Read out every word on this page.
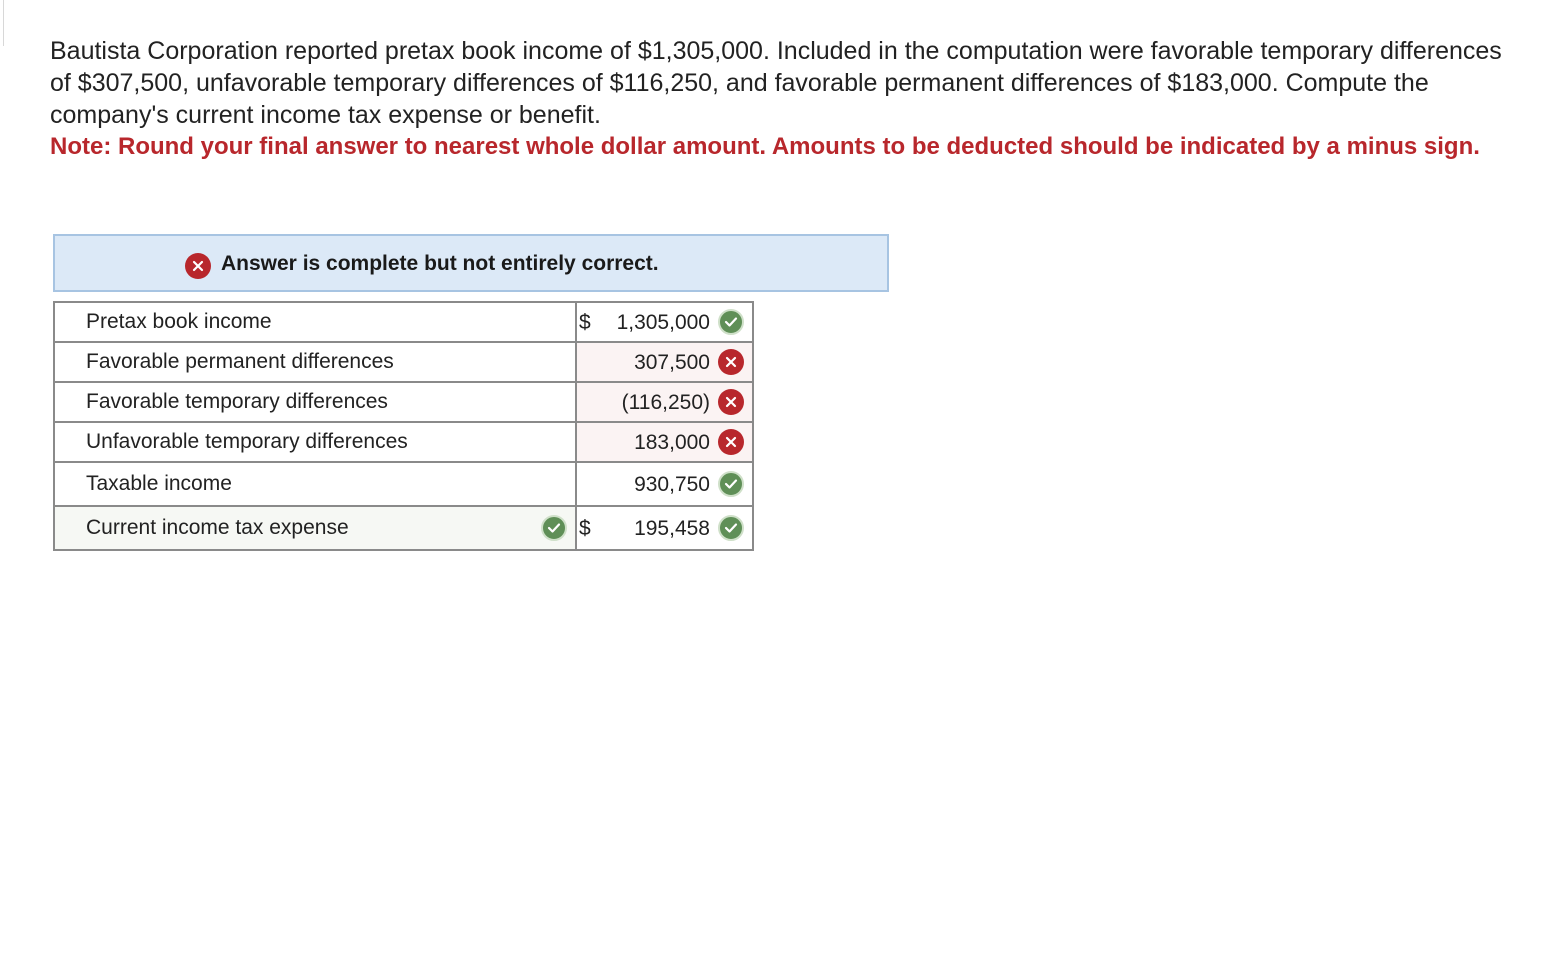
Bautista Corporation reported pretax book income of $1,305,000. Included in the computation were favorable temporary differences of $307,500, unfavorable temporary differences of $116,250, and favorable permanent differences of $183,000. Compute the company's current income tax expense or benefit.

Note: Round your final answer to nearest whole dollar amount. Amounts to be deducted should be indicated by a minus sign.

Answer is complete but not entirely correct.
Pretax book income	$ 1,305,000

Favorable permanent differences	307,500

Favorable temporary differences	(116,250)

Unfavorable temporary differences	183,000

Taxable income	930,750

Current income tax expense	$ 195,458
